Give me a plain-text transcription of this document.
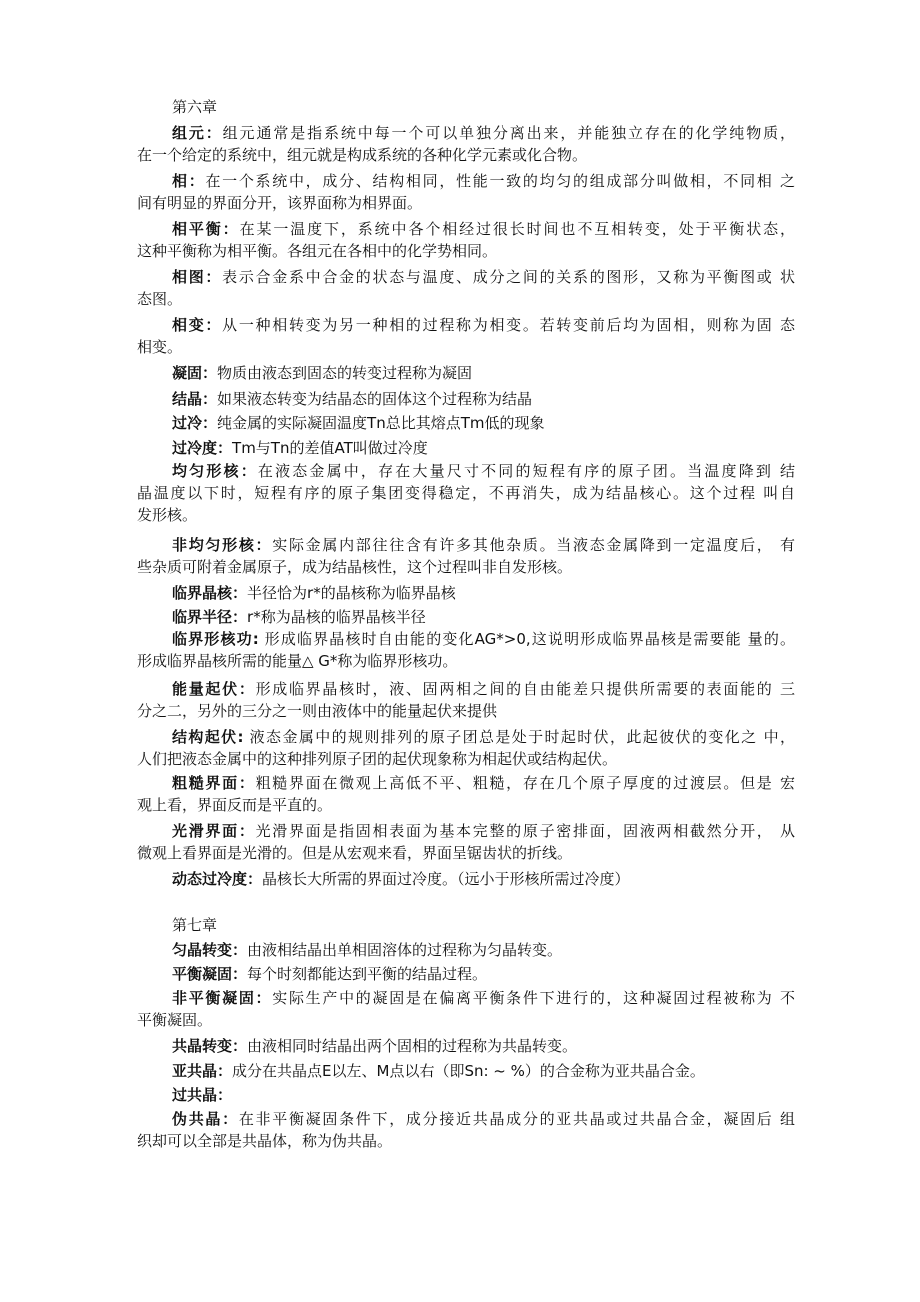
第六章
组元：组元通常是指系统中每一个可以单独分离出来，并能独立存在的化学纯物质，
在一个给定的系统中，组元就是构成系统的各种化学元素或化合物。
相：在一个系统中，成分、结构相同，性能一致的均匀的组成部分叫做相，不同相 之
间有明显的界面分开，该界面称为相界面。
相平衡：在某一温度下，系统中各个相经过很长时间也不互相转变，处于平衡状态，
这种平衡称为相平衡。各组元在各相中的化学势相同。
相图：表示合金系中合金的状态与温度、成分之间的关系的图形，又称为平衡图或 状
态图。
相变：从一种相转变为另一种相的过程称为相变。若转变前后均为固相，则称为固 态
相变。
凝固：物质由液态到固态的转变过程称为凝固
结晶：如果液态转变为结晶态的固体这个过程称为结晶
过冷：纯金属的实际凝固温度Tn总比其熔点Tm低的现象
过冷度：Tm与Tn的差值AT叫做过冷度
均匀形核：在液态金属中，存在大量尺寸不同的短程有序的原子团。当温度降到 结
晶温度以下时，短程有序的原子集团变得稳定，不再消失，成为结晶核心。这个过程 叫自
发形核。
非均匀形核：实际金属内部往往含有许多其他杂质。当液态金属降到一定温度后， 有
些杂质可附着金属原子，成为结晶核性，这个过程叫非自发形核。
临界晶核：半径恰为r*的晶核称为临界晶核
临界半径：r*称为晶核的临界晶核半径
临界形核功: 形成临界晶核时自由能的变化AG*>0,这说明形成临界晶核是需要能 量的。
形成临界晶核所需的能量△ G*称为临界形核功。
能量起伏：形成临界晶核时，液、固两相之间的自由能差只提供所需要的表面能的 三
分之二，另外的三分之一则由液体中的能量起伏来提供
结构起伏: 液态金属中的规则排列的原子团总是处于时起时伏，此起彼伏的变化之 中，
人们把液态金属中的这种排列原子团的起伏现象称为相起伏或结构起伏。
粗糙界面：粗糙界面在微观上高低不平、粗糙，存在几个原子厚度的过渡层。但是 宏
观上看，界面反而是平直的。
光滑界面：光滑界面是指固相表面为基本完整的原子密排面，固液两相截然分开， 从
微观上看界面是光滑的。但是从宏观来看，界面呈锯齿状的折线。
动态过冷度：晶核长大所需的界面过冷度。（远小于形核所需过冷度）
第七章
匀晶转变：由液相结晶出单相固溶体的过程称为匀晶转变。
平衡凝固：每个时刻都能达到平衡的结晶过程。
非平衡凝固：实际生产中的凝固是在偏离平衡条件下进行的，这种凝固过程被称为 不
平衡凝固。
共晶转变：由液相同时结晶出两个固相的过程称为共晶转变。
亚共晶：成分在共晶点E以左、M点以右（即Sn: ~ %）的合金称为亚共晶合金。
过共晶：
伪共晶：在非平衡凝固条件下，成分接近共晶成分的亚共晶或过共晶合金，凝固后 组
织却可以全部是共晶体，称为伪共晶。
